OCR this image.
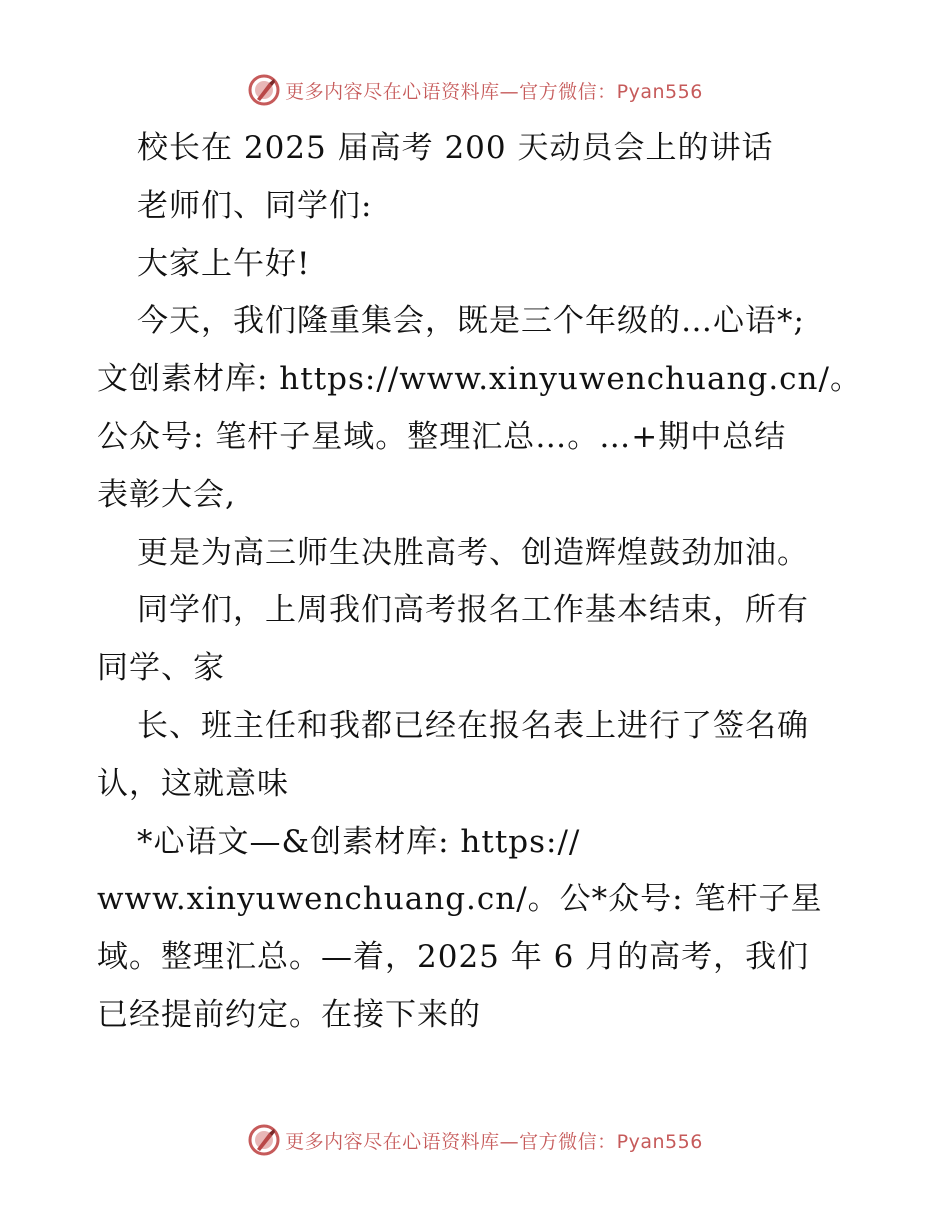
更多内容尽在心语资料库—官方微信：Pyan556
校长在 2025 届高考 200 天动员会上的讲话
老师们、同学们:
大家上午好!
今天，我们隆重集会，既是三个年级的…心语*;
文创素材库: https://www.xinyuwenchuang.cn/。
公众号: 笔杆子星域。整理汇总…。…+期中总结
表彰大会,
更是为高三师生决胜高考、创造辉煌鼓劲加油。
同学们，上周我们高考报名工作基本结束，所有
同学、家
长、班主任和我都已经在报名表上进行了签名确
认，这就意味
*心语文—&创素材库: https://
www.xinyuwenchuang.cn/。公*众号: 笔杆子星
域。整理汇总。—着，2025 年 6 月的高考，我们
已经提前约定。在接下来的
更多内容尽在心语资料库—官方微信：Pyan556
